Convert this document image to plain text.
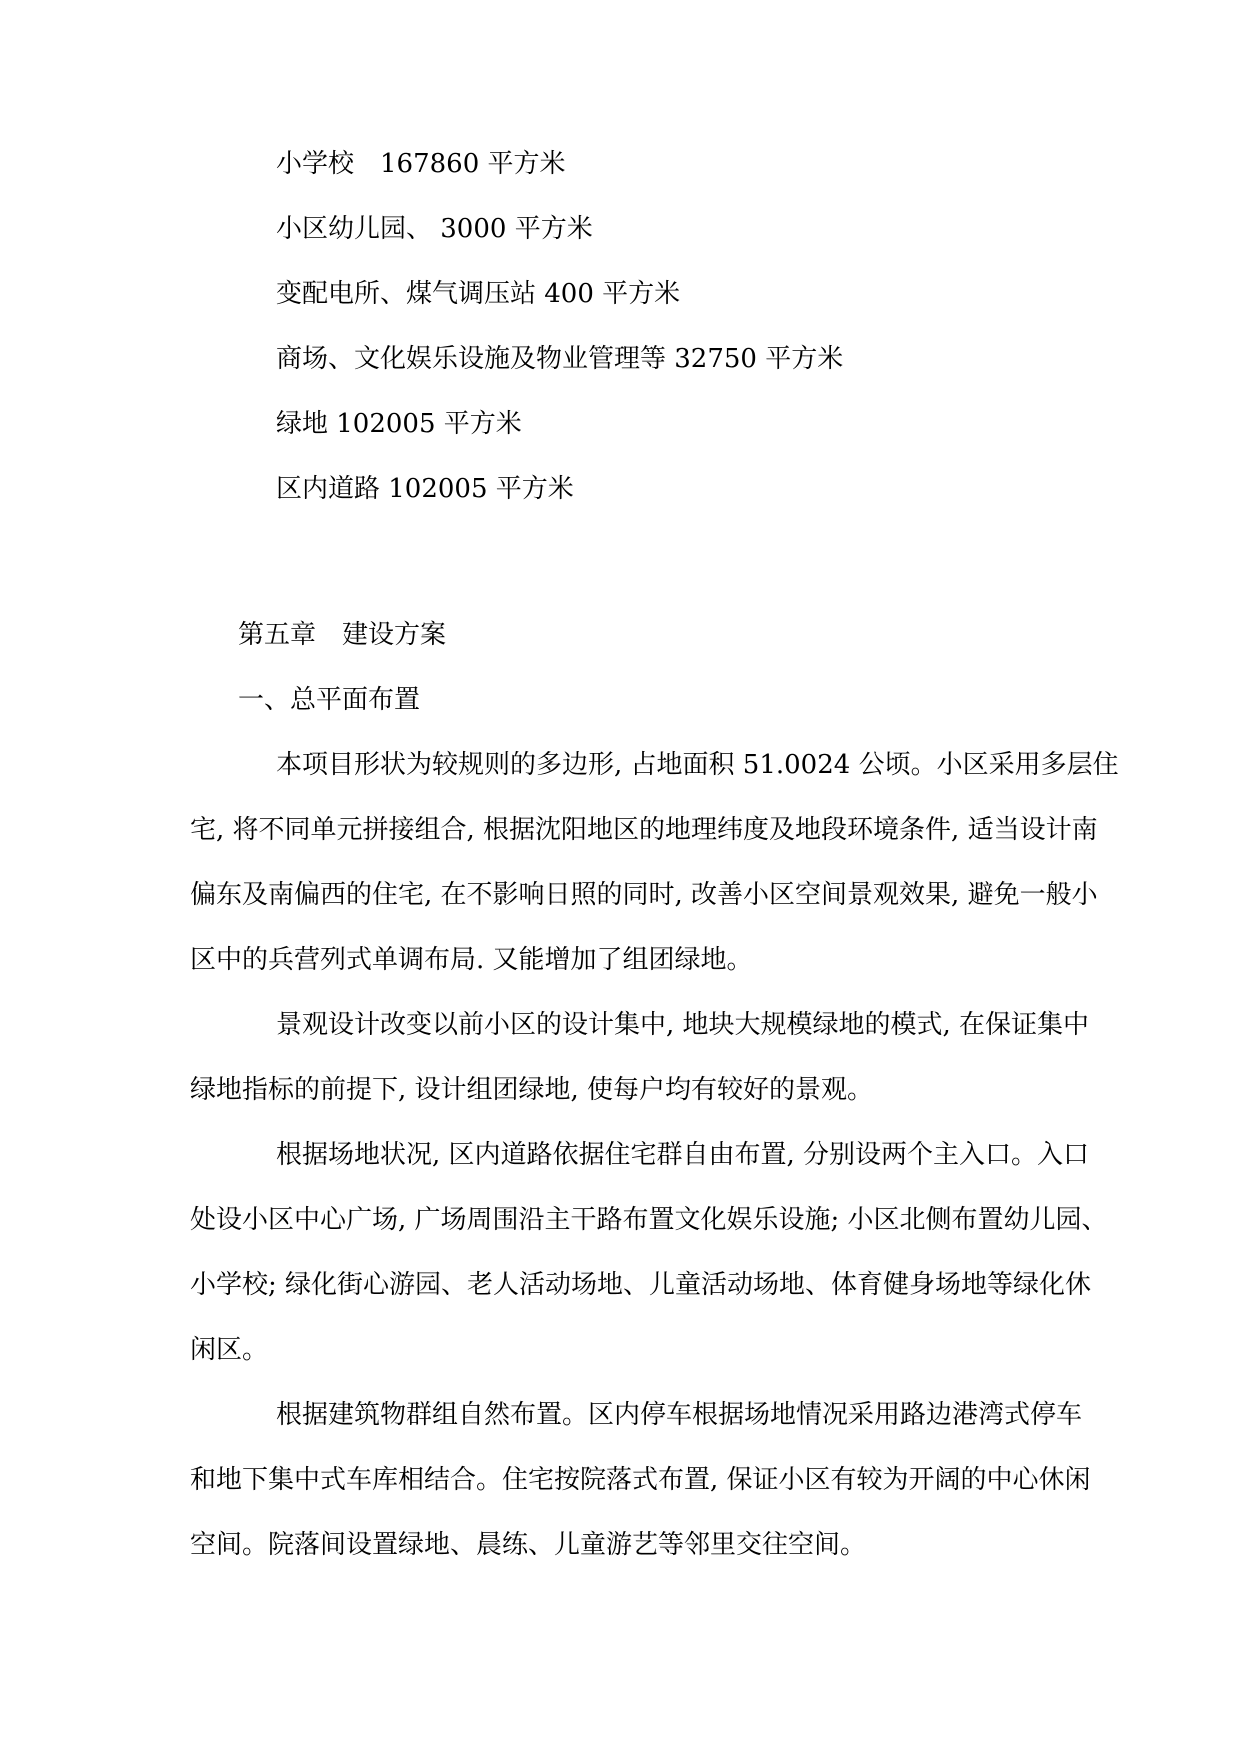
小学校　167860 平方米
小区幼儿园、 3000 平方米
变配电所、煤气调压站 400 平方米
商场、文化娱乐设施及物业管理等 32750 平方米
绿地 102005 平方米
区内道路 102005 平方米
第五章　建设方案
一、总平面布置
本项目形状为较规则的多边形, 占地面积 51.0024 公顷。小区采用多层住
宅, 将不同单元拼接组合, 根据沈阳地区的地理纬度及地段环境条件, 适当设计南
偏东及南偏西的住宅, 在不影响日照的同时, 改善小区空间景观效果, 避免一般小
区中的兵营列式单调布局. 又能增加了组团绿地。
景观设计改变以前小区的设计集中, 地块大规模绿地的模式, 在保证集中
绿地指标的前提下, 设计组团绿地, 使每户均有较好的景观。
根据场地状况, 区内道路依据住宅群自由布置, 分别设两个主入口。入口
处设小区中心广场, 广场周围沿主干路布置文化娱乐设施; 小区北侧布置幼儿园、
小学校; 绿化街心游园、老人活动场地、儿童活动场地、体育健身场地等绿化休
闲区。
根据建筑物群组自然布置。区内停车根据场地情况采用路边港湾式停车
和地下集中式车库相结合。住宅按院落式布置, 保证小区有较为开阔的中心休闲
空间。院落间设置绿地、晨练、儿童游艺等邻里交往空间。
